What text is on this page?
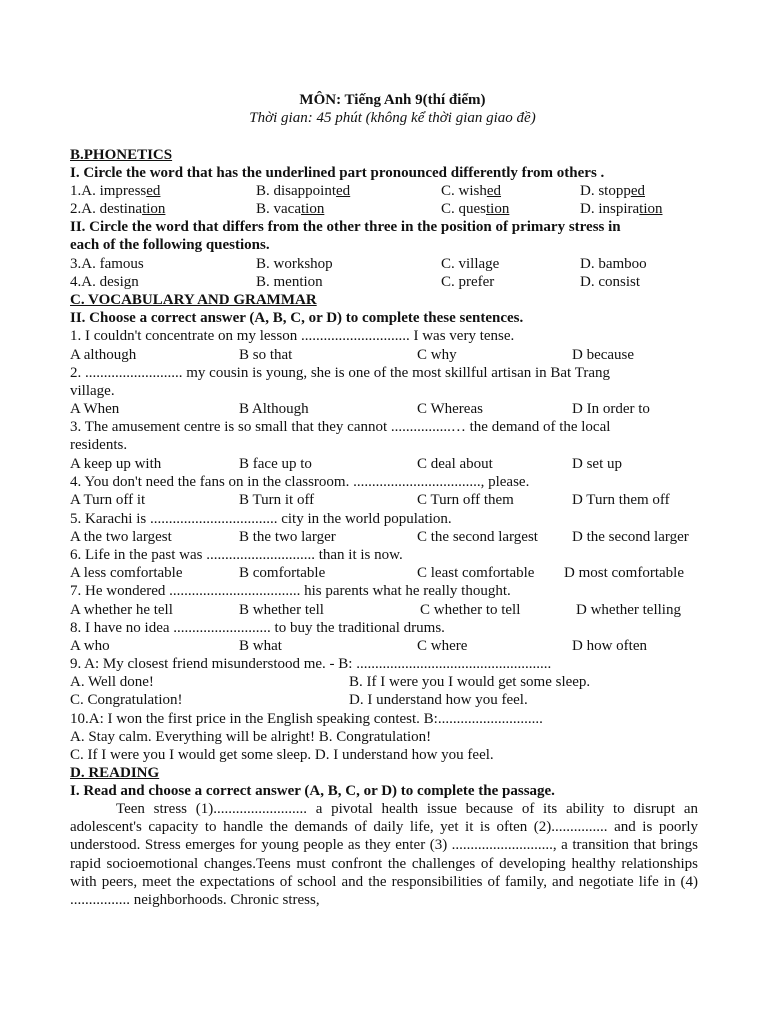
MÔN: Tiếng Anh 9(thí điểm)
Thời gian: 45 phút (không kể thời gian giao đề)
B.PHONETICS
I. Circle the word that has the underlined part pronounced differently from others .
1.A. impressed	B. disappointed	C. wished	D. stopped
2.A. destination	B. vacation	C. question	D. inspiration
II. Circle the word that differs from the other three in the position of primary stress in
each of the following questions.
3.A. famous	B. workshop	C. village	D. bamboo
4.A. design	B. mention	C. prefer	D. consist
C. VOCABULARY AND GRAMMAR
II. Choose a correct answer (A, B, C, or D) to complete these sentences.
1. I couldn't concentrate on my lesson ............................. I was very tense.
A although	B so that	C why	D because
2. .......................... my cousin is young, she is one of the most skillful artisan in Bat Trang
village.
A When	B Although	C Whereas	D In order to
3. The amusement centre is so small that they cannot ................… the demand of the local
residents.
A keep up with	B face up to	C deal about	D set up
4. You don't need the fans on in the classroom. .................................., please.
A Turn off it	B Turn it off	C Turn off them	D Turn them off
5. Karachi is .................................. city in the world population.
A the two largest	B the two larger	C the second largest D the second larger
6. Life in the past was ............................. than it is now.
A less comfortable	B comfortable	C least comfortable D most comfortable
7. He wondered ................................... his parents what he really thought.
A whether he tell	B whether tell	C whether to tell	D whether telling
8. I have no idea .......................... to buy the traditional drums.
A who	B what	C where	D how often
9. A: My closest friend misunderstood me. - B: ....................................................
A. Well done!	B. If I were you I would get some sleep.
C. Congratulation!	D. I understand how you feel.
10.A: I won the first price in the English speaking contest. B:............................
A. Stay calm. Everything will be alright! B. Congratulation!
C. If I were you I would get some sleep. D. I understand how you feel.
D. READING
I. Read and choose a correct answer (A, B, C, or D) to complete the passage.
Teen stress (1)......................... a pivotal health issue because of its ability to disrupt an adolescent's capacity to handle the demands of daily life, yet it is often (2)............... and is poorly understood. Stress emerges for young people as they enter (3) ..........................., a transition that brings rapid socioemotional changes.Teens must confront the challenges of developing healthy relationships with peers, meet the expectations of school and the responsibilities of family, and negotiate life in (4) ................ neighborhoods. Chronic stress,
